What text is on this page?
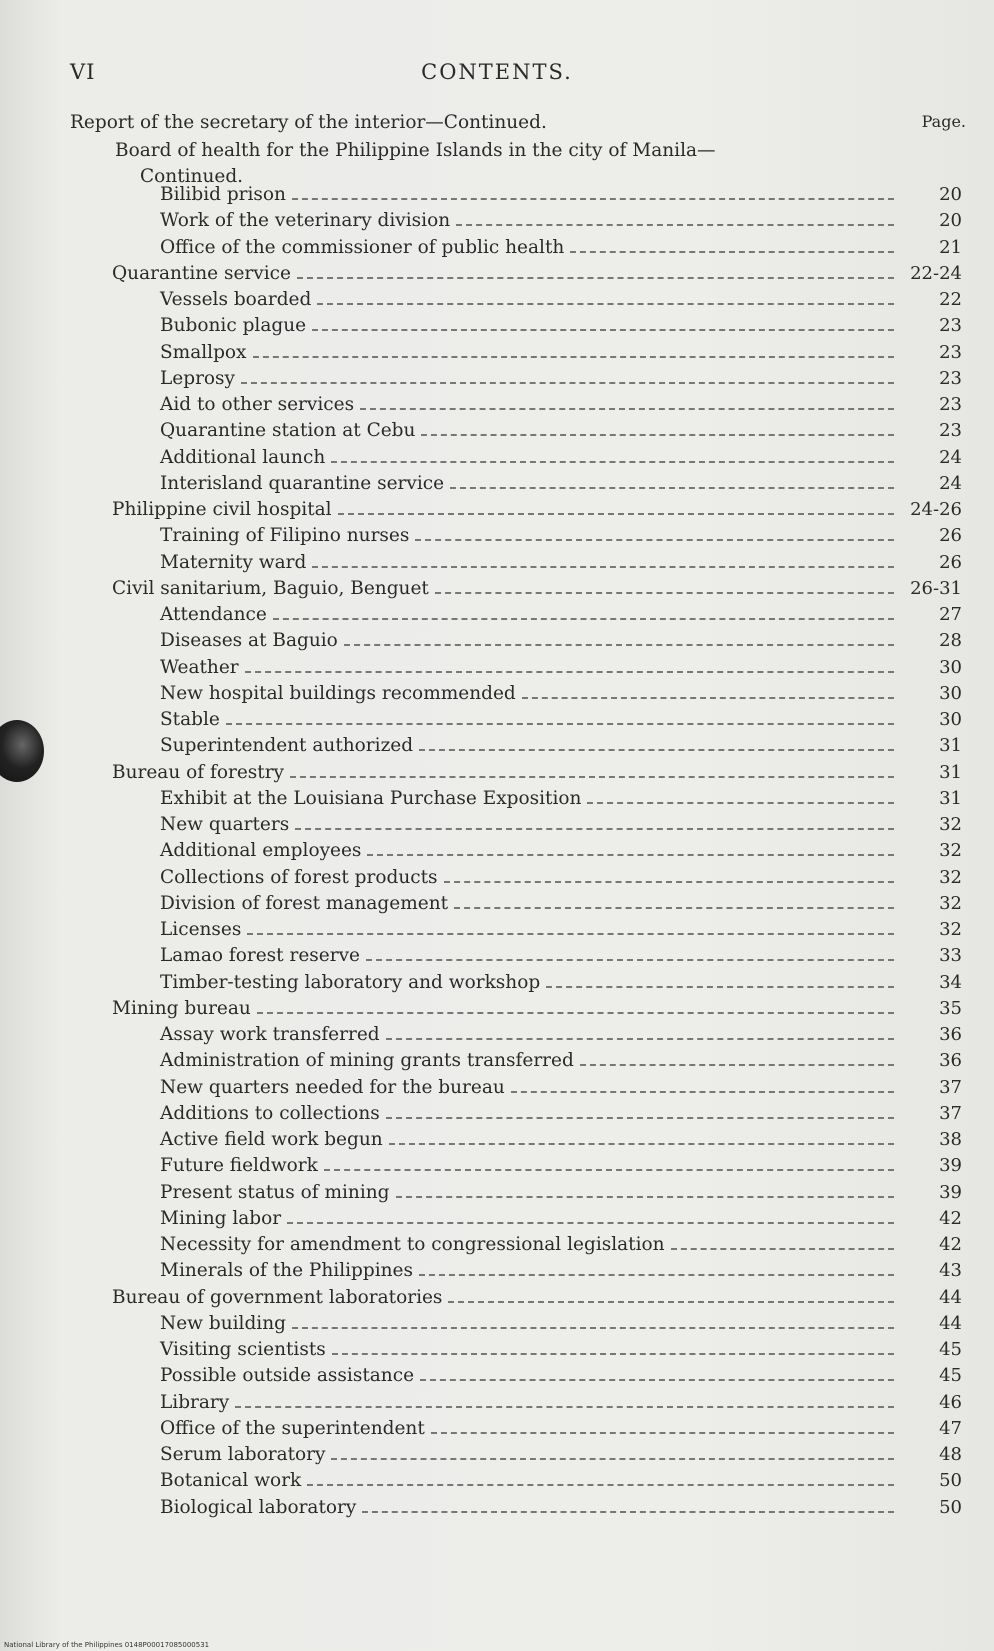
VI	CONTENTS.
Report of the secretary of the interior—Continued.	Page.
Board of health for the Philippine Islands in the city of Manila—
Continued.
Bilibid prison	20
Work of the veterinary division	20
Office of the commissioner of public health	21
Quarantine service	22-24
Vessels boarded	22
Bubonic plague	23
Smallpox	23
Leprosy	23
Aid to other services	23
Quarantine station at Cebu	23
Additional launch	24
Interisland quarantine service	24
Philippine civil hospital	24-26
Training of Filipino nurses	26
Maternity ward	26
Civil sanitarium, Baguio, Benguet	26-31
Attendance	27
Diseases at Baguio	28
Weather	30
New hospital buildings recommended	30
Stable	30
Superintendent authorized	31
Bureau of forestry	31
Exhibit at the Louisiana Purchase Exposition	31
New quarters	32
Additional employees	32
Collections of forest products	32
Division of forest management	32
Licenses	32
Lamao forest reserve	33
Timber-testing laboratory and workshop	34
Mining bureau	35
Assay work transferred	36
Administration of mining grants transferred	36
New quarters needed for the bureau	37
Additions to collections	37
Active field work begun	38
Future fieldwork	39
Present status of mining	39
Mining labor	42
Necessity for amendment to congressional legislation	42
Minerals of the Philippines	43
Bureau of government laboratories	44
New building	44
Visiting scientists	45
Possible outside assistance	45
Library	46
Office of the superintendent	47
Serum laboratory	48
Botanical work	50
Biological laboratory	50
National Library of the Philippines 0148P00017085000531
